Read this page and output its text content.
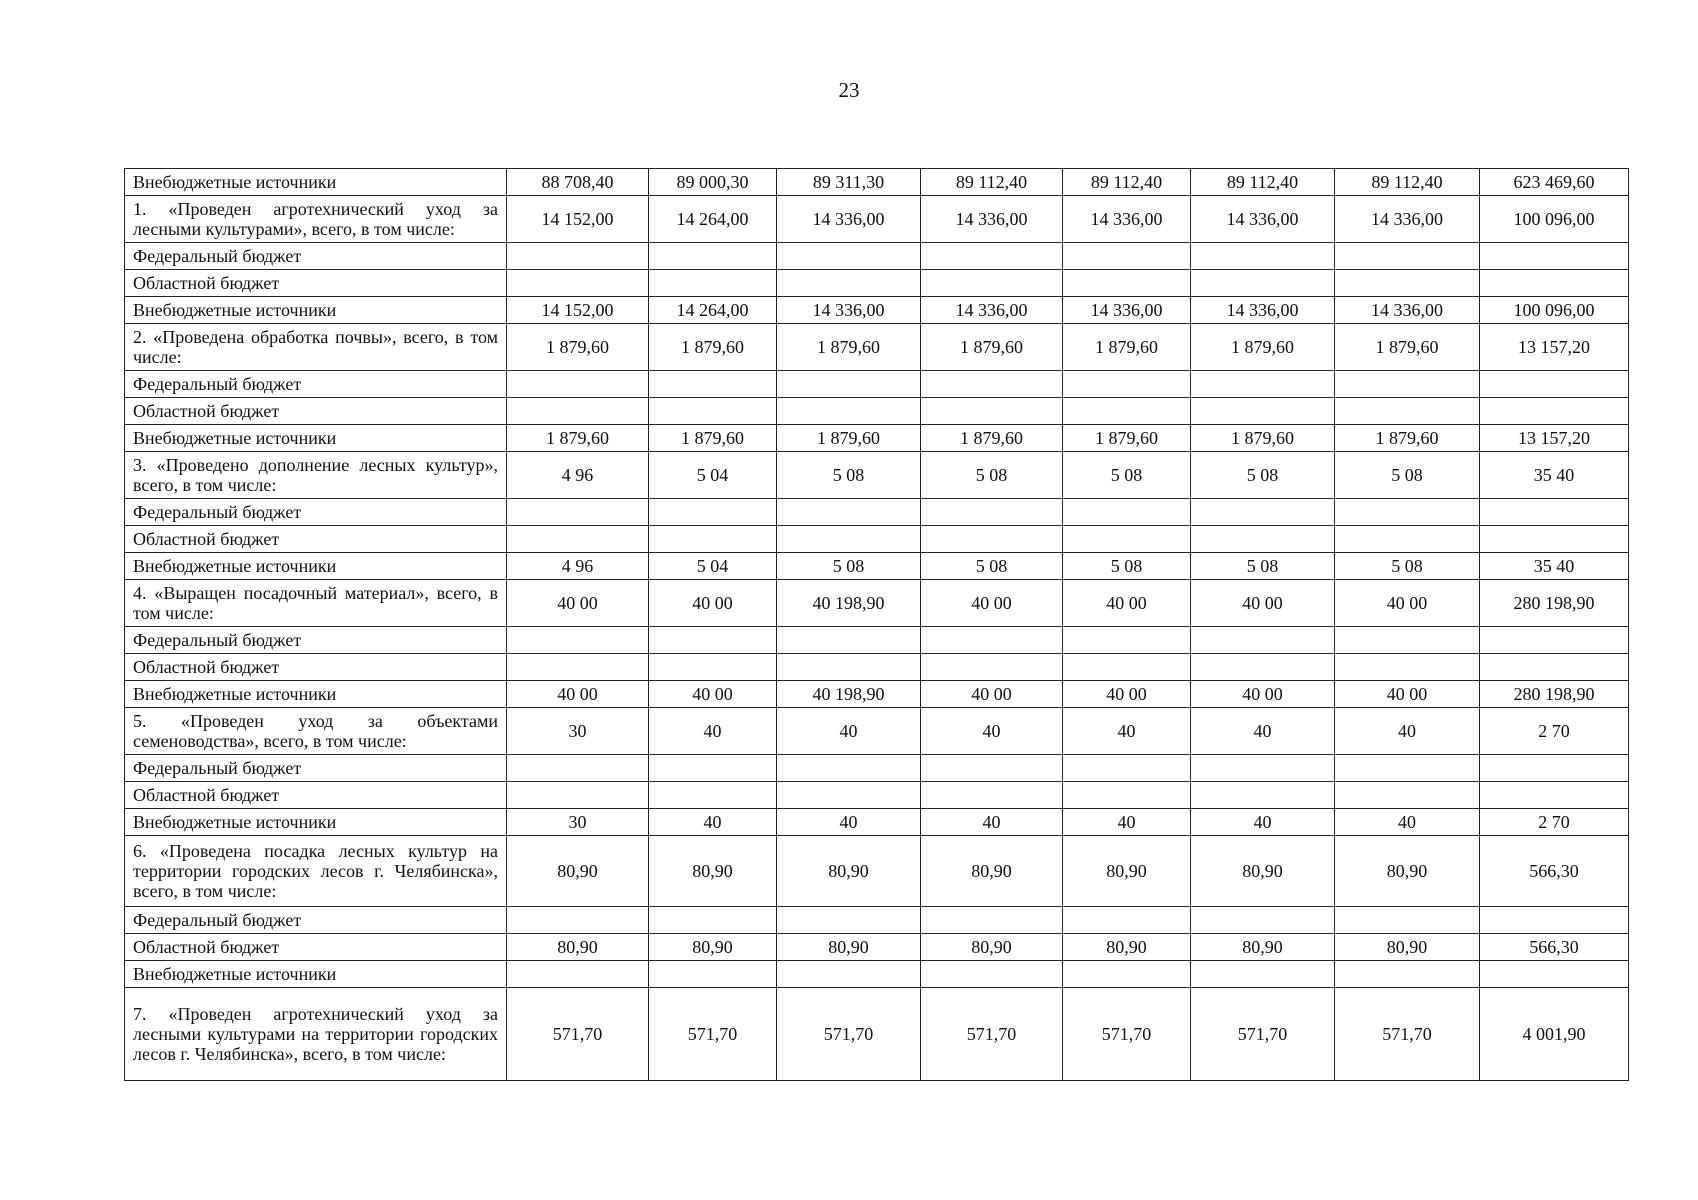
23
Внебюджетные источники	88 708,40	89 000,30	89 311,30	89 112,40	89 112,40	89 112,40	89 112,40	623 469,60
1. «Проведен агротехнический уход за лесными культурами», всего, в том числе:	14 152,00	14 264,00	14 336,00	14 336,00	14 336,00	14 336,00	14 336,00	100 096,00
Федеральный бюджет								
Областной бюджет								
Внебюджетные источники	14 152,00	14 264,00	14 336,00	14 336,00	14 336,00	14 336,00	14 336,00	100 096,00
2. «Проведена обработка почвы», всего, в том числе:	1 879,60	1 879,60	1 879,60	1 879,60	1 879,60	1 879,60	1 879,60	13 157,20
Федеральный бюджет								
Областной бюджет								
Внебюджетные источники	1 879,60	1 879,60	1 879,60	1 879,60	1 879,60	1 879,60	1 879,60	13 157,20
3. «Проведено дополнение лесных культур», всего, в том числе:	4 96	5 04	5 08	5 08	5 08	5 08	5 08	35 40
Федеральный бюджет								
Областной бюджет								
Внебюджетные источники	4 96	5 04	5 08	5 08	5 08	5 08	5 08	35 40
4. «Выращен посадочный материал», всего, в том числе:	40 00	40 00	40 198,90	40 00	40 00	40 00	40 00	280 198,90
Федеральный бюджет								
Областной бюджет								
Внебюджетные источники	40 00	40 00	40 198,90	40 00	40 00	40 00	40 00	280 198,90
5. «Проведен уход за объектами семеноводства», всего, в том числе:	30	40	40	40	40	40	40	2 70
Федеральный бюджет								
Областной бюджет								
Внебюджетные источники	30	40	40	40	40	40	40	2 70
6. «Проведена посадка лесных культур на территории городских лесов г. Челябинска», всего, в том числе:	80,90	80,90	80,90	80,90	80,90	80,90	80,90	566,30
Федеральный бюджет								
Областной бюджет	80,90	80,90	80,90	80,90	80,90	80,90	80,90	566,30
Внебюджетные источники								
7. «Проведен агротехнический уход за лесными культурами на территории городских лесов г. Челябинска», всего, в том числе:	571,70	571,70	571,70	571,70	571,70	571,70	571,70	4 001,90
